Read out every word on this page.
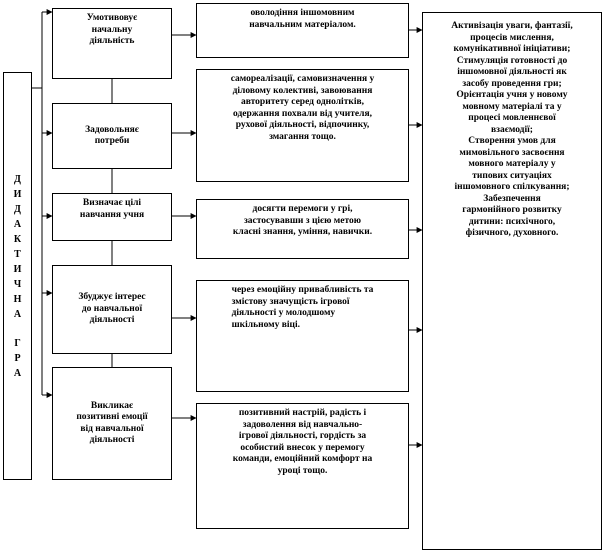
Д
И
Д
А
К
Т
И
Ч
Н
А
Г
Р
А
Умотивовує
начальну
діяльність
Задовольняє
потреби
Визначає цілі
навчання учня
Збуджує інтерес
до навчальної
діяльності
Викликає
позитивні емоції
від навчальної
діяльності
оволодіння іншомовним
навчальним матеріалом.
самореалізації, самовизначення у
діловому колективі, завоювання
авторитету серед однолітків,
одержання похвали від учителя,
рухової діяльності, відпочинку,
змагання тощо.
досягти перемоги у грі,
застосувавши з цією метою
класні знання, уміння, навички.
через емоційну привабливість та
змістову значущість ігрової
діяльності у молодшому
шкільному віці.
позитивний настрій, радість і
задоволення від навчально-
ігрової діяльності, гордість за
особистий внесок у перемогу
команди, емоційний комфорт на
уроці тощо.
Активізація уваги, фантазії,
процесів мислення,
комунікативної ініціативи;
Стимуляція готовності до
іншомовної діяльності як
засобу проведення гри;
Орієнтація учня у новому
мовному матеріалі та у
процесі мовленнєвої
взаємодії;
Створення умов для
мимовільного засвоєння
мовного матеріалу у
типових ситуаціях
іншомовного спілкування;
Забезпечення
гармонійного розвитку
дитини: психічного,
фізичного, духовного.
